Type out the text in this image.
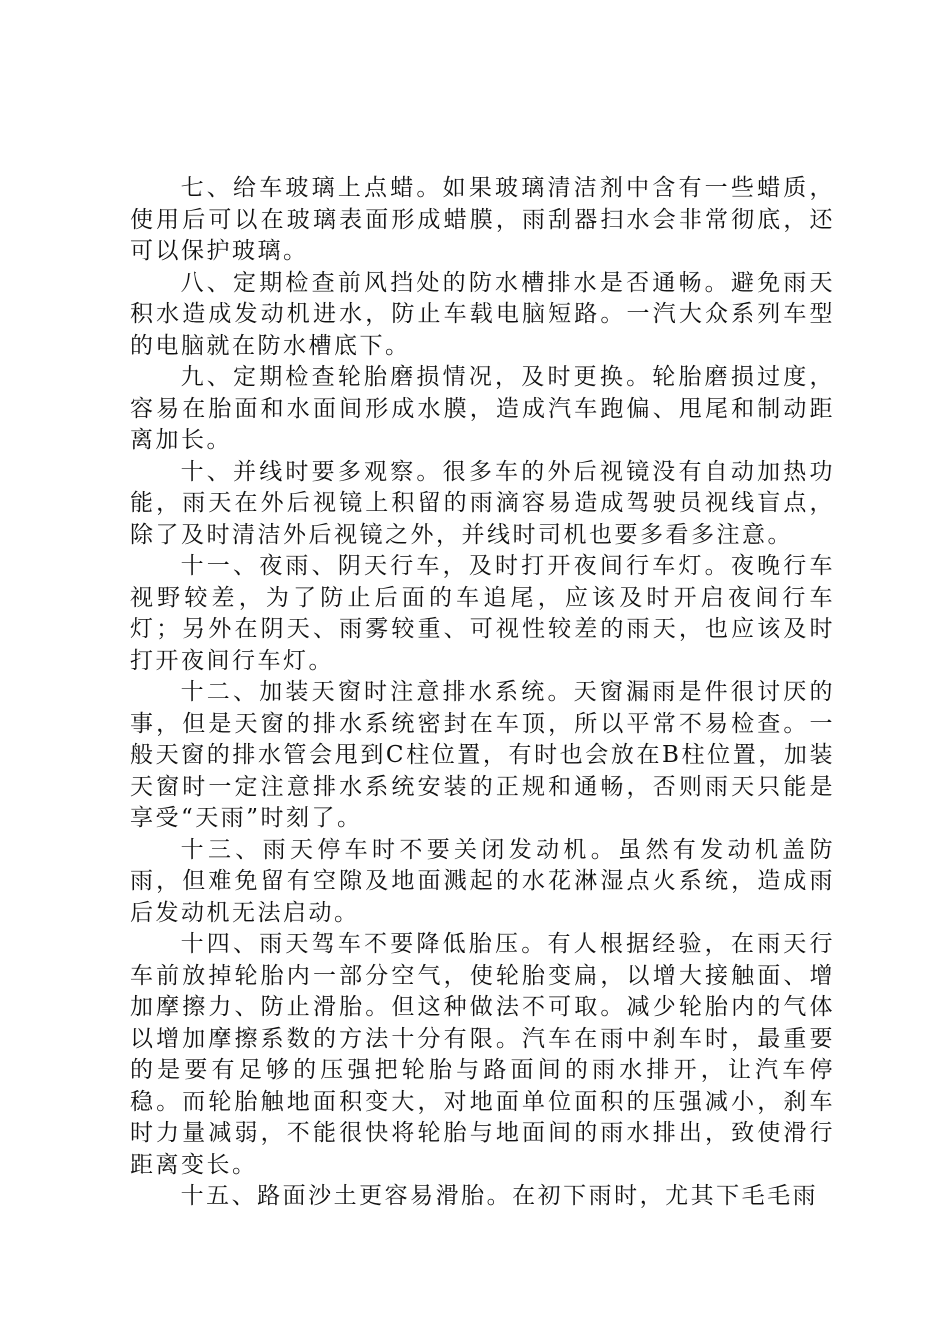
七、给车玻璃上点蜡。如果玻璃清洁剂中含有一些蜡质，使用后可以在玻璃表面形成蜡膜，雨刮器扫水会非常彻底，还可以保护玻璃。

八、定期检查前风挡处的防水槽排水是否通畅。避免雨天积水造成发动机进水，防止车载电脑短路。一汽大众系列车型的电脑就在防水槽底下。

九、定期检查轮胎磨损情况，及时更换。轮胎磨损过度，容易在胎面和水面间形成水膜，造成汽车跑偏、甩尾和制动距离加长。

十、并线时要多观察。很多车的外后视镜没有自动加热功能，雨天在外后视镜上积留的雨滴容易造成驾驶员视线盲点，除了及时清洁外后视镜之外，并线时司机也要多看多注意。

十一、夜雨、阴天行车，及时打开夜间行车灯。夜晚行车视野较差，为了防止后面的车追尾，应该及时开启夜间行车灯；另外在阴天、雨雾较重、可视性较差的雨天，也应该及时打开夜间行车灯。

十二、加装天窗时注意排水系统。天窗漏雨是件很讨厌的事，但是天窗的排水系统密封在车顶，所以平常不易检查。一般天窗的排水管会甩到C柱位置，有时也会放在B柱位置，加装天窗时一定注意排水系统安装的正规和通畅，否则雨天只能是享受“天雨”时刻了。

十三、雨天停车时不要关闭发动机。虽然有发动机盖防雨，但难免留有空隙及地面溅起的水花淋湿点火系统，造成雨后发动机无法启动。

十四、雨天驾车不要降低胎压。有人根据经验，在雨天行车前放掉轮胎内一部分空气，使轮胎变扁，以增大接触面、增加摩擦力、防止滑胎。但这种做法不可取。减少轮胎内的气体以增加摩擦系数的方法十分有限。汽车在雨中刹车时，最重要的是要有足够的压强把轮胎与路面间的雨水排开，让汽车停稳。而轮胎触地面积变大，对地面单位面积的压强减小，刹车时力量减弱，不能很快将轮胎与地面间的雨水排出，致使滑行距离变长。

十五、路面沙土更容易滑胎。在初下雨时，尤其下毛毛雨
